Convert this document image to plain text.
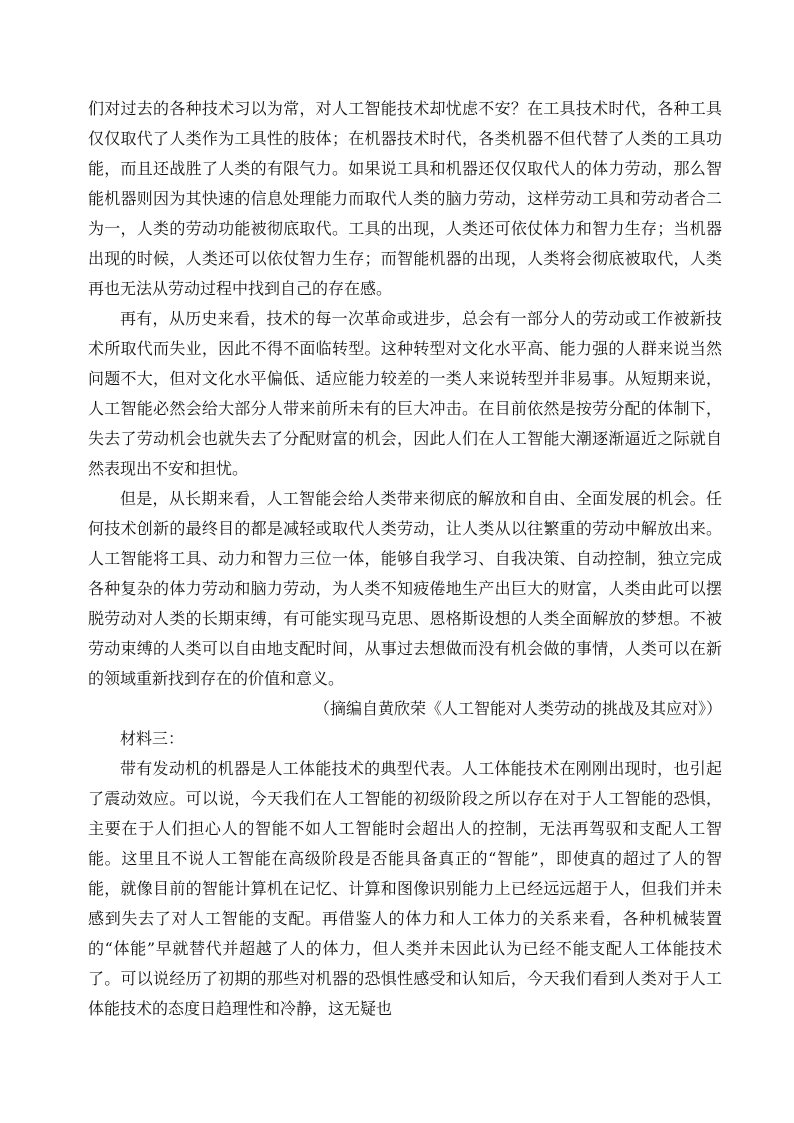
们对过去的各种技术习以为常，对人工智能技术却忧虑不安？在工具技术时代，各种工具仅仅取代了人类作为工具性的肢体；在机器技术时代，各类机器不但代替了人类的工具功能，而且还战胜了人类的有限气力。如果说工具和机器还仅仅取代人的体力劳动，那么智能机器则因为其快速的信息处理能力而取代人类的脑力劳动，这样劳动工具和劳动者合二为一，人类的劳动功能被彻底取代。工具的出现，人类还可依仗体力和智力生存；当机器出现的时候，人类还可以依仗智力生存；而智能机器的出现，人类将会彻底被取代，人类再也无法从劳动过程中找到自己的存在感。

再有，从历史来看，技术的每一次革命或进步，总会有一部分人的劳动或工作被新技术所取代而失业，因此不得不面临转型。这种转型对文化水平高、能力强的人群来说当然问题不大，但对文化水平偏低、适应能力较差的一类人来说转型并非易事。从短期来说，人工智能必然会给大部分人带来前所未有的巨大冲击。在目前依然是按劳分配的体制下，失去了劳动机会也就失去了分配财富的机会，因此人们在人工智能大潮逐渐逼近之际就自然表现出不安和担忧。

但是，从长期来看，人工智能会给人类带来彻底的解放和自由、全面发展的机会。任何技术创新的最终目的都是减轻或取代人类劳动，让人类从以往繁重的劳动中解放出来。人工智能将工具、动力和智力三位一体，能够自我学习、自我决策、自动控制，独立完成各种复杂的体力劳动和脑力劳动，为人类不知疲倦地生产出巨大的财富，人类由此可以摆脱劳动对人类的长期束缚，有可能实现马克思、恩格斯设想的人类全面解放的梦想。不被劳动束缚的人类可以自由地支配时间，从事过去想做而没有机会做的事情，人类可以在新的领域重新找到存在的价值和意义。

（摘编自黄欣荣《人工智能对人类劳动的挑战及其应对》）

材料三：

带有发动机的机器是人工体能技术的典型代表。人工体能技术在刚刚出现时，也引起了震动效应。可以说，今天我们在人工智能的初级阶段之所以存在对于人工智能的恐惧，主要在于人们担心人的智能不如人工智能时会超出人的控制，无法再驾驭和支配人工智能。这里且不说人工智能在高级阶段是否能具备真正的“智能”，即使真的超过了人的智能，就像目前的智能计算机在记忆、计算和图像识别能力上已经远远超于人，但我们并未感到失去了对人工智能的支配。再借鉴人的体力和人工体力的关系来看，各种机械装置的“体能”早就替代并超越了人的体力，但人类并未因此认为已经不能支配人工体能技术了。可以说经历了初期的那些对机器的恐惧性感受和认知后，今天我们看到人类对于人工体能技术的态度日趋理性和冷静，这无疑也
